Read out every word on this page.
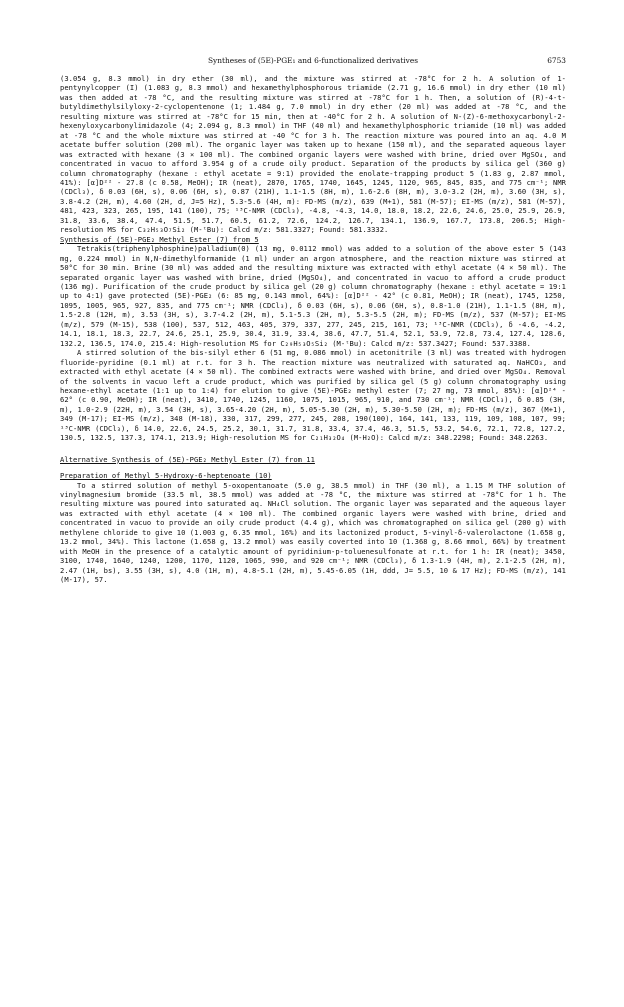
Syntheses of (5E)-PGE₁ and 6-functionalized derivatives	6753

(3.054 g, 8.3 mmol) in dry ether (30 ml), and the mixture was stirred at -78°C for 2 h. A solution of 1-pentynylcopper (I) (1.083 g, 8.3 mmol) and hexamethylphosphorous triamide (2.71 g, 16.6 mmol) in dry ether (10 ml) was then added at -78 °C, and the resulting mixture was stirred at -78°C for 1 h. Then, a solution of (R)-4-t-butyldimethylsilyloxy-2-cyclopentenone (1; 1.484 g, 7.0 mmol) in dry ether (20 ml) was added at -78 °C, and the resulting mixture was stirred at -78°C for 15 min, then at -40°C for 2 h. A solution of N-(Z)-6-methoxycarbonyl-2-hexenyloxycarbonylimidazole (4; 2.094 g, 8.3 mmol) in THF (40 ml) and hexamethylphosphoric triamide (10 ml) was added at -78 °C and the whole mixture was stirred at -40 °C for 3 h. The reaction mixture was poured into an aq. 4.0 M acetate buffer solution (200 ml). The organic layer was taken up to hexane (150 ml), and the separated aqueous layer was extracted with hexane (3 × 100 ml). The combined organic layers were washed with brine, dried over MgSO₄, and concentrated in vacuo to afford 3.954 g of a crude oily product. Separation of the products by silica gel (360 g) column chromatography (hexane : ethyl acetate = 9:1) provided the enolate-trapping product 5 (1.83 g, 2.87 mmol, 41%): [α]D²² - 27.8 (c 0.58, MeOH); IR (neat), 2870, 1765, 1740, 1645, 1245, 1120, 965, 845, 835, and 775 cm⁻¹; NMR (CDCl₃), δ 0.03 (6H, s), 0.06 (6H, s), 0.87 (21H), 1.1-1.5 (8H, m), 1.6-2.6 (8H, m), 3.0-3.2 (2H, m), 3.60 (3H, s), 3.8-4.2 (2H, m), 4.60 (2H, d, J=5 Hz), 5.3-5.6 (4H, m): FD-MS (m/z), 639 (M+1), 581 (M-57); EI-MS (m/z), 581 (M-57), 481, 423, 323, 265, 195, 141 (100), 75; ¹³C-NMR (CDCl₃), -4.8, -4.3, 14.0, 18.0, 18.2, 22.6, 24.6, 25.0, 25.9, 26.9, 31.8, 33.6, 38.4, 47.4, 51.5, 51.7, 60.5, 61.2, 72.6, 124.2, 126.7, 134.1, 136.9, 167.7, 173.8, 206.5; High-resolution MS for C₃₂H₅₃O₇Si₂ (M-ᵗBu): Calcd m/z: 581.3327; Found: 581.3332.

Synthesis of (5E)-PGE₂ Methyl Ester (7) from 5

Tetrakis(triphenylphosphine)palladium(0) (13 mg, 0.0112 mmol) was added to a solution of the above ester 5 (143 mg, 0.224 mmol) in N,N-dimethylformamide (1 ml) under an argon atmosphere, and the reaction mixture was stirred at 50°C for 30 min. Brine (30 ml) was added and the resulting mixture was extracted with ethyl acetate (4 × 50 ml). The separated organic layer was washed with brine, dried (MgSO₄), and concentrated in vacuo to afford a crude product (136 mg). Purification of the crude product by silica gel (20 g) column chromatography (hexane : ethyl acetate = 19:1 up to 4:1) gave protected (5E)-PGE₂ (6: 85 mg, 0.143 mmol, 64%): [α]D²² - 42° (c 0.81, MeOH); IR (neat), 1745, 1250, 1095, 1005, 965, 927, 835, and 775 cm⁻¹; NMR (CDCl₃), δ 0.03 (6H, s), 0.06 (6H, s), 0.8-1.0 (21H), 1.1-1.5 (8H, m), 1.5-2.8 (12H, m), 3.53 (3H, s), 3.7-4.2 (2H, m), 5.1-5.3 (2H, m), 5.3-5.5 (2H, m); FD-MS (m/z), 537 (M-57); EI-MS (m/z), 579 (M-15), 538 (100), 537, 512, 463, 405, 379, 337, 277, 245, 215, 161, 73; ¹³C-NMR (CDCl₃), δ -4.6, -4.2, 14.1, 18.1, 18.3, 22.7, 24.6, 25.1, 25.9, 30.4, 31.9, 33.4, 38.6, 47.7, 51.4, 52.1, 53.9, 72.8, 73.4, 127.4, 128.6, 132.2, 136.5, 174.0, 215.4: High-resolution MS for C₂₉H₅₃O₅Si₂ (M-ᵗBu): Calcd m/z: 537.3427; Found: 537.3388.

A stirred solution of the bis-silyl ether 6 (51 mg, 0.086 mmol) in acetonitrile (3 ml) was treated with hydrogen fluoride-pyridine (0.1 ml) at r.t. for 3 h. The reaction mixture was neutralized with saturated aq. NaHCO₃, and extracted with ethyl acetate (4 × 50 ml). The combined extracts were washed with brine, and dried over MgSO₄. Removal of the solvents in vacuo left a crude product, which was purified by silica gel (5 g) column chromatography using hexane-ethyl acetate (1:1 up to 1:4) for elution to give (5E)-PGE₂ methyl ester (7; 27 mg, 73 mmol, 85%): [α]D²⁴ - 62° (c 0.90, MeOH); IR (neat), 3410, 1740, 1245, 1160, 1075, 1015, 965, 910, and 730 cm⁻¹; NMR (CDCl₃), δ 0.85 (3H, m), 1.0-2.9 (22H, m), 3.54 (3H, s), 3.65-4.20 (2H, m), 5.05-5.30 (2H, m), 5.30-5.50 (2H, m); FD-MS (m/z), 367 (M+1), 349 (M-17); EI-MS (m/z), 348 (M-18), 330, 317, 299, 277, 245, 208, 190(100), 164, 141, 133, 119, 109, 108, 107, 99; ¹³C-NMR (CDCl₃), δ 14.0, 22.6, 24.5, 25.2, 30.1, 31.7, 31.8, 33.4, 37.4, 46.3, 51.5, 53.2, 54.6, 72.1, 72.8, 127.2, 130.5, 132.5, 137.3, 174.1, 213.9; High-resolution MS for C₂₁H₃₂O₄ (M-H₂O): Calcd m/z: 348.2298; Found: 348.2263.

Alternative Synthesis of (5E)-PGE₂ Methyl Ester (7) from 11

Preparation of Methyl 5-Hydroxy-6-heptenoate (10)

To a stirred solution of methyl 5-oxopentanoate (5.0 g, 38.5 mmol) in THF (30 ml), a 1.15 M THF solution of vinylmagnesium bromide (33.5 ml, 38.5 mmol) was added at -78 °C, the mixture was stirred at -78°C for 1 h. The resulting mixture was poured into saturated aq. NH₄Cl solution. The organic layer was separated and the aqueous layer was extracted with ethyl acetate (4 × 100 ml). The combined organic layers were washed with brine, dried and concentrated in vacuo to provide an oily crude product (4.4 g), which was chromatographed on silica gel (200 g) with methylene chloride to give 10 (1.003 g, 6.35 mmol, 16%) and its lactonized product, 5-vinyl-δ-valerolactone (1.658 g, 13.2 mmol, 34%). This lactone (1.658 g, 13.2 mmol) was easily coverted into 10 (1.368 g, 8.66 mmol, 66%) by treatment with MeOH in the presence of a catalytic amount of pyridinium-p-toluenesulfonate at r.t. for 1 h: IR (neat); 3450, 3100, 1740, 1640, 1240, 1200, 1170, 1120, 1065, 990, and 920 cm⁻¹; NMR (CDCl₃), δ 1.3-1.9 (4H, m), 2.1-2.5 (2H, m), 2.47 (1H, bs), 3.55 (3H, s), 4.0 (1H, m), 4.8-5.1 (2H, m), 5.45-6.05 (1H, ddd, J= 5.5, 10 & 17 Hz); FD-MS (m/z), 141 (M-17), 57.
